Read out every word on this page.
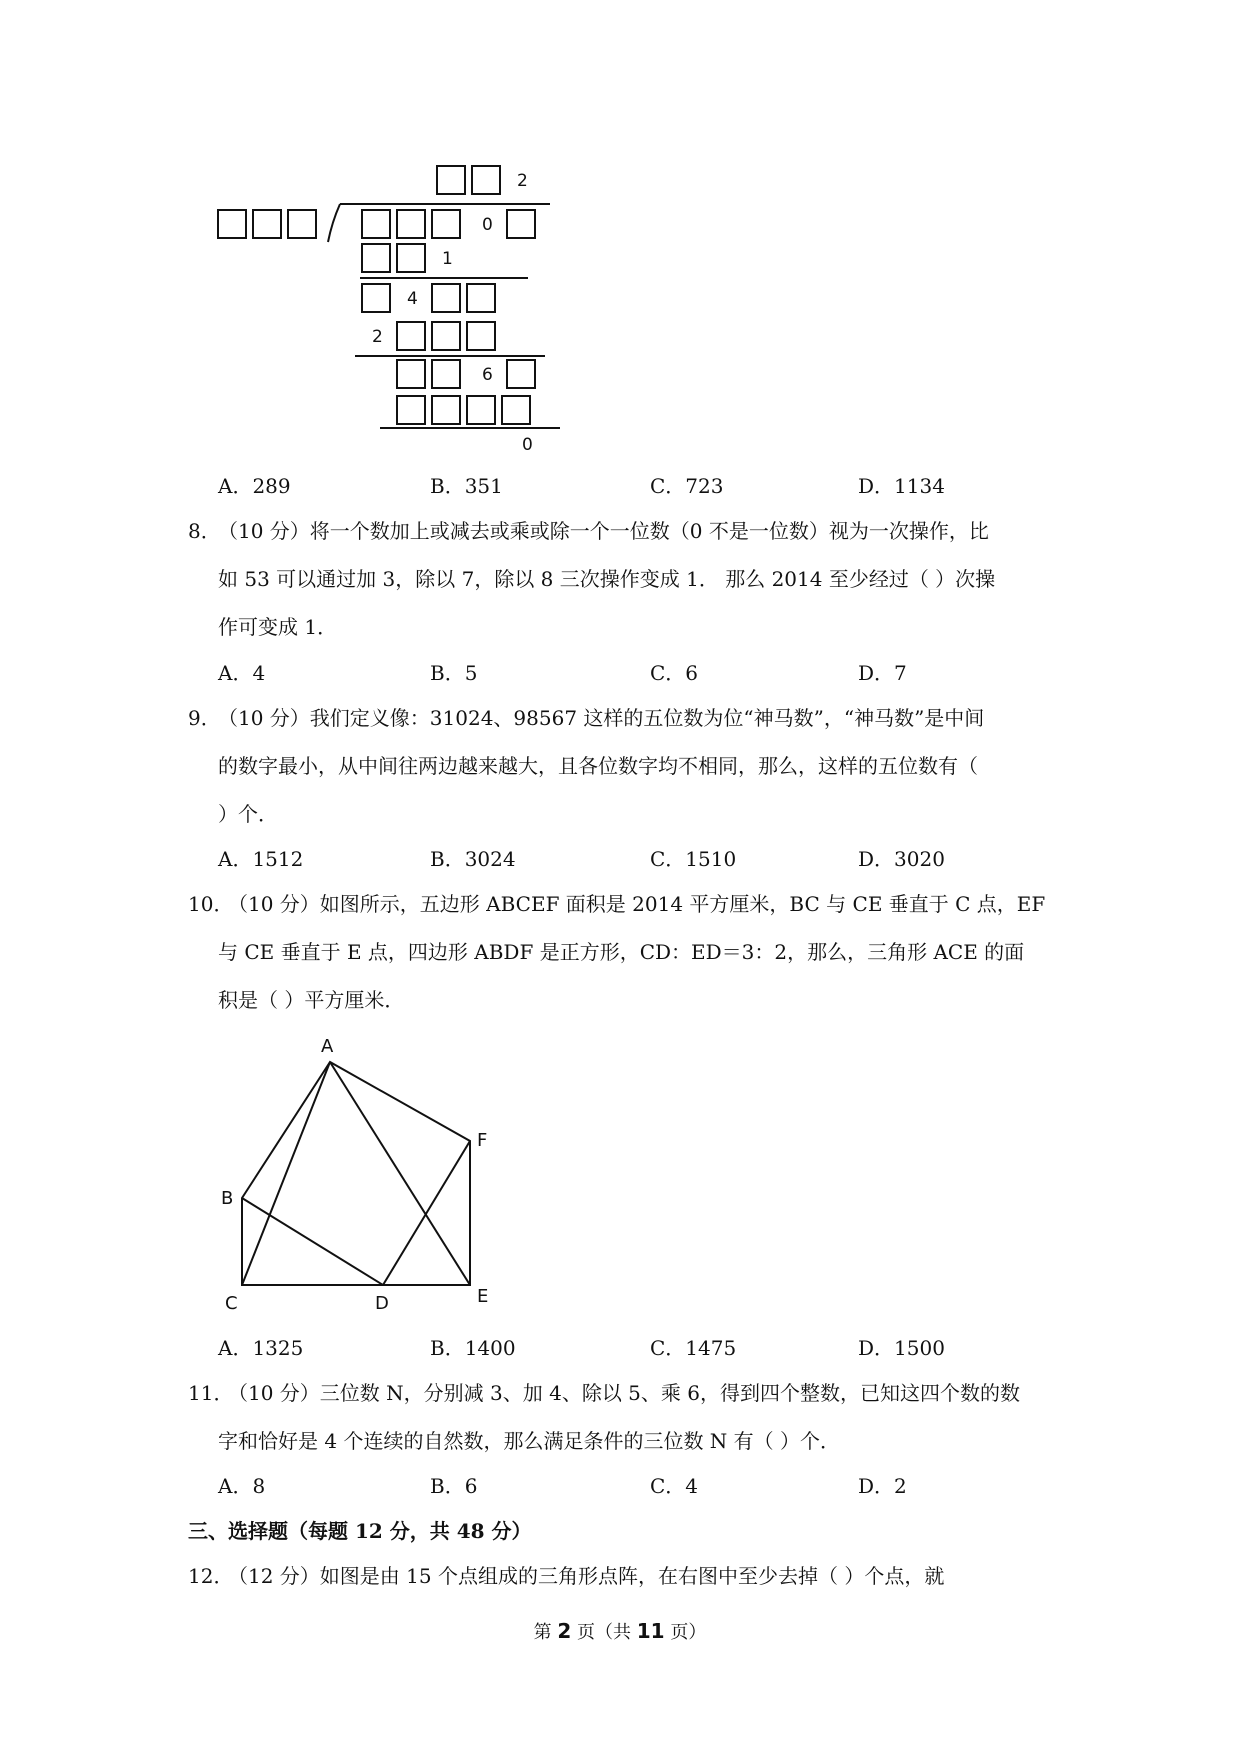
2
0
1
4
2
6
0
A．289	B．351	C．723	D．1134
8．
（10 分）将一个数加上或减去或乘或除一个一位数（0 不是一位数）视为一次操作，比
如 53 可以通过加 3，除以 7，除以 8 三次操作变成 1． 那么 2014 至少经过（ ）次操
作可变成 1．
A．4	B．5	C．6	D．7
9．
（10 分）我们定义像：31024、98567 这样的五位数为位“神马数”，“神马数”是中间
的数字最小，从中间往两边越来越大，且各位数字均不相同，那么，这样的五位数有（
）个．
A．1512	B．3024	C．1510	D．3020
10．
（10 分）如图所示，五边形 ABCEF 面积是 2014 平方厘米，BC 与 CE 垂直于 C 点，EF
与 CE 垂直于 E 点，四边形 ABDF 是正方形，CD：ED＝3：2，那么，三角形 ACE 的面
积是（ ）平方厘米．
A
B
C	D	E
F
A．1325	B．1400	C．1475	D．1500
11．
（10 分）三位数 N，分别减 3、加 4、除以 5、乘 6，得到四个整数，已知这四个数的数
字和恰好是 4 个连续的自然数，那么满足条件的三位数 N 有（ ）个．
A．8	B．6	C．4	D．2
三、选择题（每题 12 分，共 48 分）
12．
（12 分）如图是由 15 个点组成的三角形点阵，在右图中至少去掉（ ）个点，就
第 2 页（共 11 页）
